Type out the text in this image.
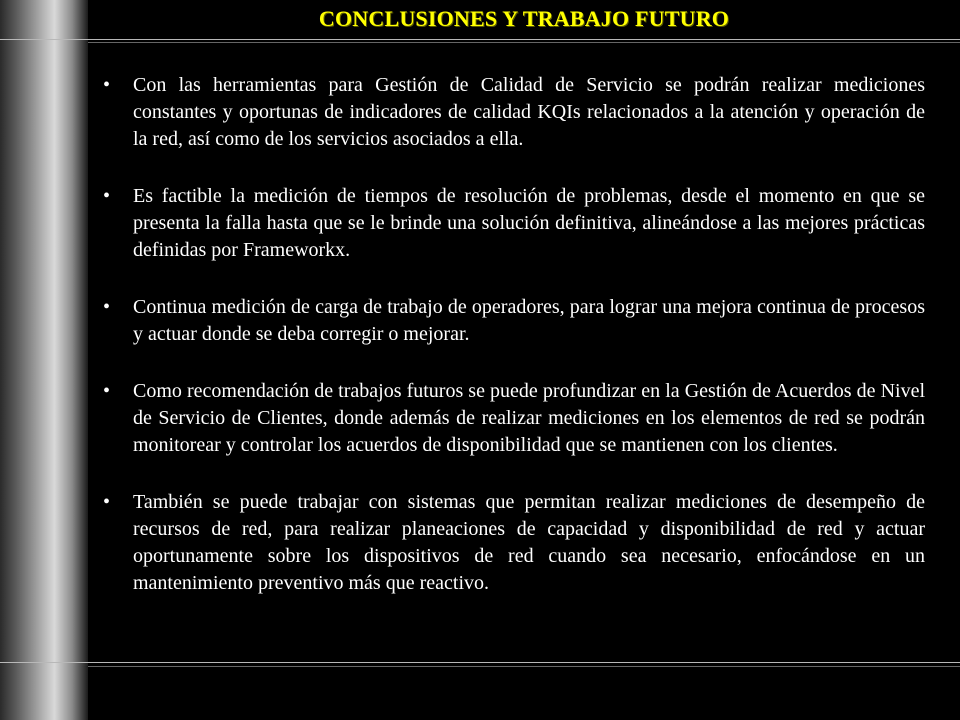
CONCLUSIONES Y TRABAJO FUTURO
• Con las herramientas para Gestión de Calidad de Servicio se podrán realizar mediciones constantes y oportunas de indicadores de calidad KQIs relacionados a la atención y operación de la red, así como de los servicios asociados a ella.
• Es factible la medición de tiempos de resolución de problemas, desde el momento en que se presenta la falla hasta que se le brinde una solución definitiva, alineándose a las mejores prácticas definidas por Frameworkx.
• Continua medición de carga de trabajo de operadores, para lograr una mejora continua de procesos y actuar donde se deba corregir o mejorar.
• Como recomendación de trabajos futuros se puede profundizar en la Gestión de Acuerdos de Nivel de Servicio de Clientes, donde además de realizar mediciones en los elementos de red se podrán monitorear y controlar los acuerdos de disponibilidad que se mantienen con los clientes.
• También se puede trabajar con sistemas que permitan realizar mediciones de desempeño de recursos de red, para realizar planeaciones de capacidad y disponibilidad de red y actuar oportunamente sobre los dispositivos de red cuando sea necesario, enfocándose en un mantenimiento preventivo más que reactivo.
